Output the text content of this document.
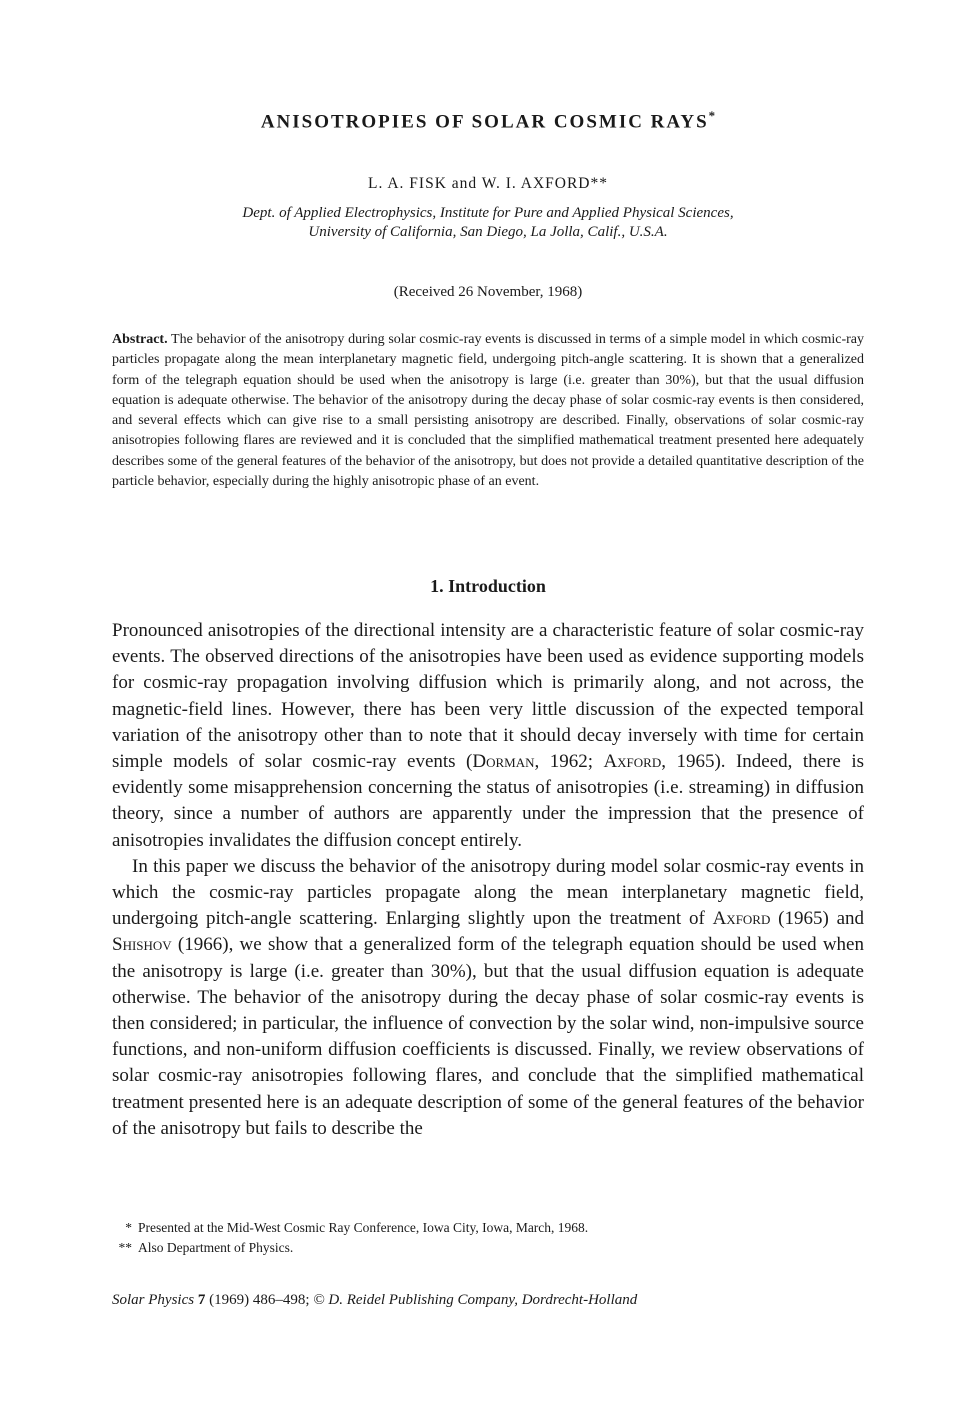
ANISOTROPIES OF SOLAR COSMIC RAYS*
L. A. FISK and W. I. AXFORD**
Dept. of Applied Electrophysics, Institute for Pure and Applied Physical Sciences,
University of California, San Diego, La Jolla, Calif., U.S.A.
(Received 26 November, 1968)

Abstract. The behavior of the anisotropy during solar cosmic-ray events is discussed in terms of a simple model in which cosmic-ray particles propagate along the mean interplanetary magnetic field, undergoing pitch-angle scattering. It is shown that a generalized form of the telegraph equation should be used when the anisotropy is large (i.e. greater than 30%), but that the usual diffusion equation is adequate otherwise. The behavior of the anisotropy during the decay phase of solar cosmic-ray events is then considered, and several effects which can give rise to a small persisting anisotropy are described. Finally, observations of solar cosmic-ray anisotropies following flares are reviewed and it is concluded that the simplified mathematical treatment presented here adequately describes some of the general features of the behavior of the anisotropy, but does not provide a detailed quantitative description of the particle behavior, especially during the highly anisotropic phase of an event.

1. Introduction

Pronounced anisotropies of the directional intensity are a characteristic feature of solar cosmic-ray events. The observed directions of the anisotropies have been used as evidence supporting models for cosmic-ray propagation involving diffusion which is primarily along, and not across, the magnetic-field lines. However, there has been very little discussion of the expected temporal variation of the anisotropy other than to note that it should decay inversely with time for certain simple models of solar cosmic-ray events (Dorman, 1962; Axford, 1965). Indeed, there is evidently some misapprehension concerning the status of anisotropies (i.e. streaming) in diffusion theory, since a number of authors are apparently under the impression that the presence of anisotropies invalidates the diffusion concept entirely.

In this paper we discuss the behavior of the anisotropy during model solar cosmic-ray events in which the cosmic-ray particles propagate along the mean interplanetary magnetic field, undergoing pitch-angle scattering. Enlarging slightly upon the treatment of Axford (1965) and Shishov (1966), we show that a generalized form of the telegraph equation should be used when the anisotropy is large (i.e. greater than 30%), but that the usual diffusion equation is adequate otherwise. The behavior of the anisotropy during the decay phase of solar cosmic-ray events is then considered; in particular, the influence of convection by the solar wind, non-impulsive source functions, and non-uniform diffusion coefficients is discussed. Finally, we review observations of solar cosmic-ray anisotropies following flares, and conclude that the simplified mathematical treatment presented here is an adequate description of some of the general features of the behavior of the anisotropy but fails to describe the

* Presented at the Mid-West Cosmic Ray Conference, Iowa City, Iowa, March, 1968.
** Also Department of Physics.
Solar Physics 7 (1969) 486–498; © D. Reidel Publishing Company, Dordrecht-Holland
